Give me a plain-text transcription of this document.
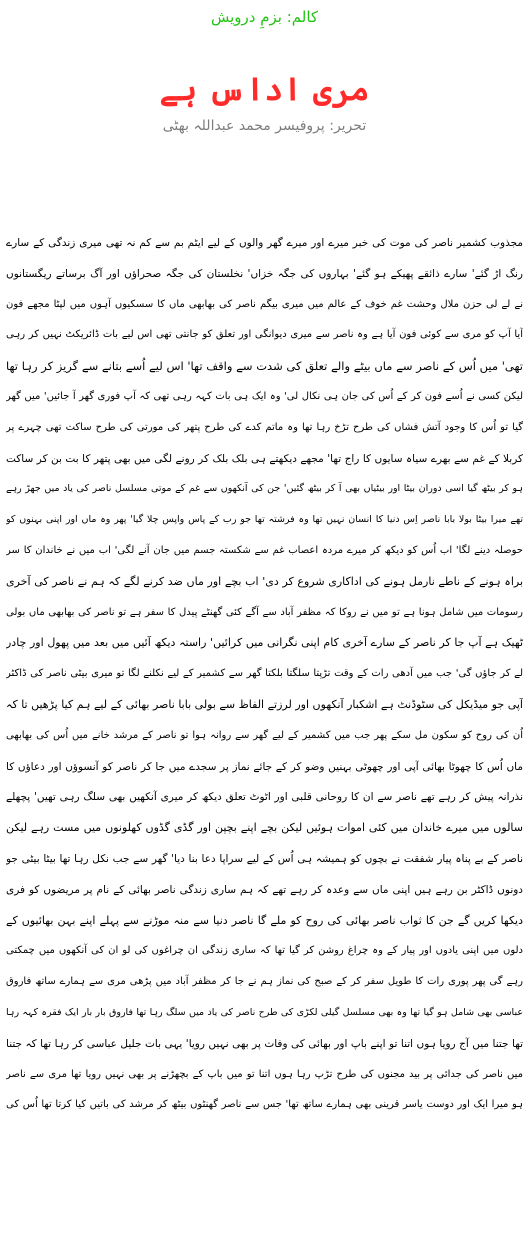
کالم: بزمِ درویش
مری اداس ہے
تحریر: پروفیسر محمد عبداللہ بھٹی
مجذوب کشمیر ناصر کی موت کی خبر میرے اور میرے گھر والوں کے لیے ایٹم بم سے کم نہ تھی میری زندگی کے سارے
رنگ اڑ گئے' سارے ذائقے پھیکے ہو گئے' بہاروں کی جگہ خزاں' نخلستان کی جگہ صحراؤں اور آگ برساتے ریگستانوں
نے لے لی حزن ملال وحشت غم خوف کے عالم میں میری بیگم ناصر کی بھابھی ماں کا سسکیوں آہوں میں لپٹا مجھے فون
آیا آپ کو مری سے کوئی فون آیا ہے وہ ناصر سے میری دیوانگی اور تعلق کو جانتی تھی اس لیے بات ڈائریکٹ نہیں کر رہی
تھی' میں اُس کے ناصر سے ماں بیٹے والے تعلق کی شدت سے واقف تھا' اس لیے اُسے بتانے سے گریز کر رہا تھا
لیکن کسی نے اُسے فون کر کے اُس کی جان ہی نکال لی' وہ ایک ہی بات کہہ رہی تھی کہ آپ فوری گھر آ جائیں' میں گھر
گیا تو اُس کا وجود آتش فشاں کی طرح تڑخ رہا تھا وہ ماتم کدے کی طرح پتھر کی مورتی کی طرح ساکت تھی چہرے پر
کربلا کے غم سے بھرے سیاہ سایوں کا راج تھا' مجھے دیکھتے ہی بلک بلک کر رونے لگی میں بھی پتھر کا بت بن کر ساکت
ہو کر بیٹھ گیا اسی دوران بیٹا اور بیٹیاں بھی آ کر بیٹھ گئیں' جن کی آنکھوں سے غم کے موتی مسلسل ناصر کی یاد میں جھڑ رہے
تھے میرا بیٹا بولا بابا ناصر اِس دنیا کا انسان نہیں تھا وہ فرشتہ تھا جو رب کے پاس واپس چلا گیا' پھر وہ ماں اور اپنی بہنوں کو
حوصلہ دینے لگا' اب اُس کو دیکھ کر میرے مردہ اعصاب غم سے شکستہ جسم میں جان آنے لگی' اب میں نے خاندان کا سر
براہ ہونے کے ناطے نارمل ہونے کی اداکاری شروع کر دی' اب بچے اور ماں ضد کرنے لگے کہ ہم نے ناصر کی آخری
رسومات میں شامل ہونا ہے تو میں نے روکا کہ مظفر آباد سے آگے کئی گھنٹے پیدل کا سفر ہے تو ناصر کی بھابھی ماں بولی
ٹھیک ہے آپ جا کر ناصر کے سارے آخری کام اپنی نگرانی میں کرائیں' راستہ دیکھ آئیں میں بعد میں پھول اور چادر
لے کر جاؤں گی' جب میں آدھی رات کے وقت تڑپتا سلگتا بلکتا گھر سے کشمیر کے لیے نکلنے لگا تو میری بیٹی ناصر کی ڈاکٹر
آپی جو میڈیکل کی سٹوڈنٹ ہے اشکبار آنکھوں اور لرزتے الفاظ سے بولی بابا ناصر بھائی کے لیے ہم کیا پڑھیں تا کہ
اُن کی روح کو سکون مل سکے پھر جب میں کشمیر کے لیے گھر سے روانہ ہوا تو ناصر کے مرشد خانے میں اُس کی بھابھی
ماں اُس کا چھوٹا بھائی آپی اور چھوٹی بہنیں وضو کر کے جائے نماز پر سجدے میں جا کر ناصر کو آنسوؤں اور دعاؤں کا
نذرانہ پیش کر رہے تھے ناصر سے ان کا روحانی قلبی اور اٹوٹ تعلق دیکھ کر میری آنکھیں بھی سلگ رہی تھیں' پچھلے
سالوں میں میرے خاندان میں کئی اموات ہوئیں لیکن بچے اپنے بچپن اور گڈی گڈوں کھلونوں میں مست رہے لیکن
ناصر کے بے پناہ پیار شفقت نے بچوں کو ہمیشہ ہی اُس کے لیے سراپا دعا بنا دیا' گھر سے جب نکل رہا تھا بیٹا بیٹی جو
دونوں ڈاکٹر بن رہے ہیں اپنی ماں سے وعدہ کر رہے تھے کہ ہم ساری زندگی ناصر بھائی کے نام پر مریضوں کو فری
دیکھا کریں گے جن کا ثواب ناصر بھائی کی روح کو ملے گا ناصر دنیا سے منہ موڑنے سے پہلے اپنے بہن بھائیوں کے
دلوں میں اپنی یادوں اور پیار کے وہ چراغ روشن کر گیا تھا کہ ساری زندگی ان چراغوں کی لو ان کی آنکھوں میں چمکتی
رہے گی پھر پوری رات کا طویل سفر کر کے صبح کی نماز ہم نے جا کر مظفر آباد میں پڑھی مری سے ہمارے ساتھ فاروق
عباسی بھی شامل ہو گیا تھا وہ بھی مسلسل گیلی لکڑی کی طرح ناصر کی یاد میں سلگ رہا تھا فاروق بار بار ایک فقرہ کہہ رہا
تھا جتنا میں آج رویا ہوں اتنا تو اپنے باپ اور بھائی کی وفات پر بھی نہیں رویا' یہی بات جلیل عباسی کر رہا تھا کہ جتنا
میں ناصر کی جدائی پر بید مجنوں کی طرح تڑپ رہا ہوں اتنا تو میں باپ کے بچھڑنے پر بھی نہیں رویا تھا مری سے ناصر
ہو میرا ایک اور دوست یاسر قرینی بھی ہمارے ساتھ تھا' جس سے ناصر گھنٹوں بیٹھ کر مرشد کی باتیں کیا کرتا تھا اُس کی
